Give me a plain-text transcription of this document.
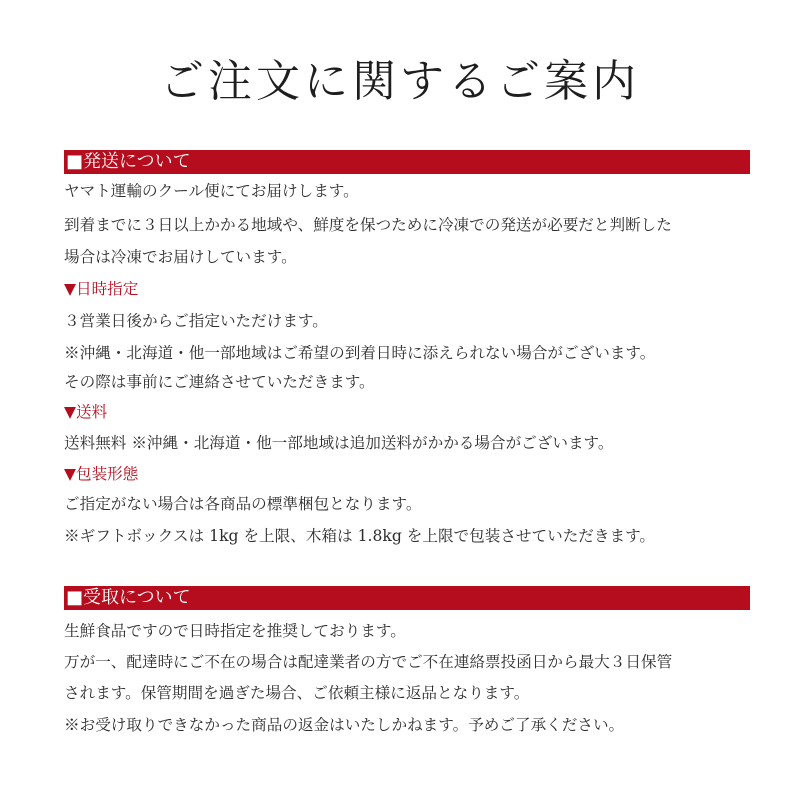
ご注文に関するご案内
■発送について
ヤマト運輸のクール便にてお届けします。
到着までに３日以上かかる地域や、鮮度を保つために冷凍での発送が必要だと判断した
場合は冷凍でお届けしています。
▼日時指定
３営業日後からご指定いただけます。
※沖縄・北海道・他一部地域はご希望の到着日時に添えられない場合がございます。
その際は事前にご連絡させていただきます。
▼送料
送料無料 ※沖縄・北海道・他一部地域は追加送料がかかる場合がございます。
▼包装形態
ご指定がない場合は各商品の標準梱包となります。
※ギフトボックスは 1kg を上限、木箱は 1.8kg を上限で包装させていただきます。
■受取について
生鮮食品ですので日時指定を推奨しております。
万が一、配達時にご不在の場合は配達業者の方でご不在連絡票投函日から最大３日保管
されます。保管期間を過ぎた場合、ご依頼主様に返品となります。
※お受け取りできなかった商品の返金はいたしかねます。予めご了承ください。
